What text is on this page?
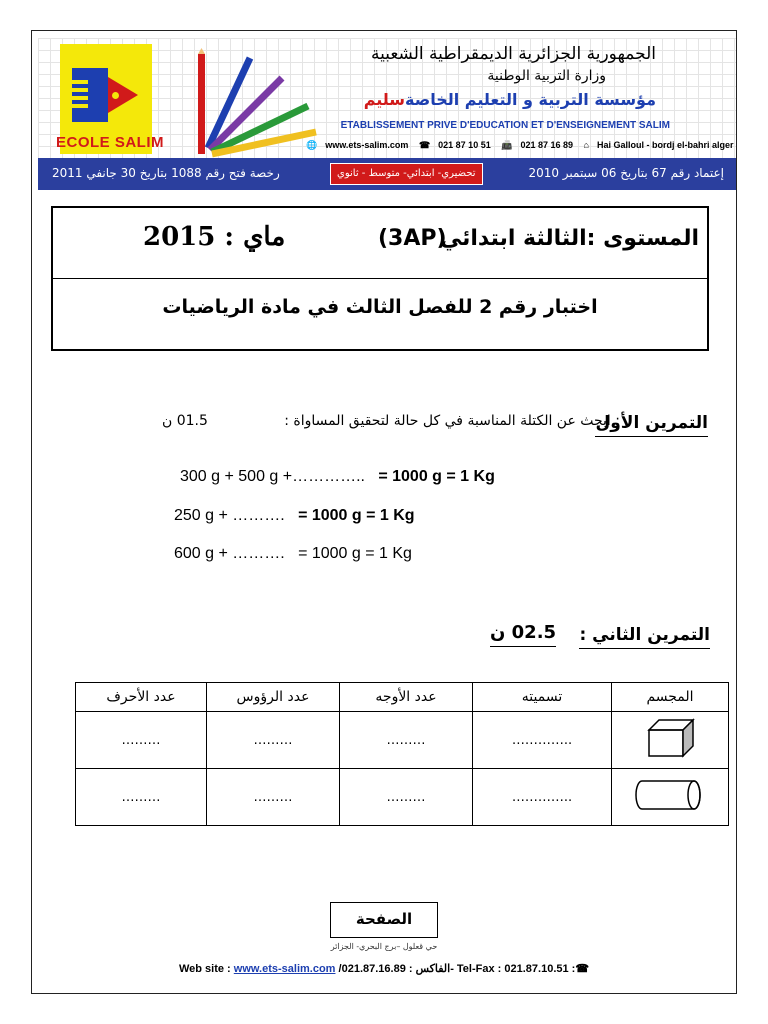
ECOLE SALIM
الجمهورية الجزائرية الديمقراطية الشعبية
وزارة التربية الوطنية
مؤسسة التربية و التعليم الخاصةسليم
ETABLISSEMENT PRIVE D'EDUCATION ET D'ENSEIGNEMENT SALIM
🌐 www.ets-salim.com ☎ 021 87 10 51 📠 021 87 16 89 ⌂ Hai Galloul - bordj el-bahri alger
رخصة فتح رقم 1088 بتاريخ 30 جانفي 2011	تحضيري- ابتدائي- متوسط - ثانوي	إعتماد رقم 67 بتاريخ 06 سبتمبر 2010
المستوى :الثالثة ابتدائي
(3AP)
ماي : 2015
اختبار رقم 2 للفصل الثالث في مادة الرياضيات
التمرين الأول
: ابحث عن الكتلة المناسبة في كل حالة لتحقيق المساواة :
01.5 ن
300 g + 500 g +………….. = 1000 g = 1 Kg
250 g + ………. = 1000 g = 1 Kg
600 g + ………. = 1000 g = 1 Kg
التمرين الثاني :
02.5 ن
عدد الأحرف	عدد الرؤوس	عدد الأوجه	تسميته	المجسم
………	………	………	…………..	
………	………	………	…………..	
الصفحة
حي قعلول –برج البحري- الجزائر
Web site : www.ets-salim.com /021.87.16.89 : الفاكس- Tel-Fax : 021.87.10.51 :☎
